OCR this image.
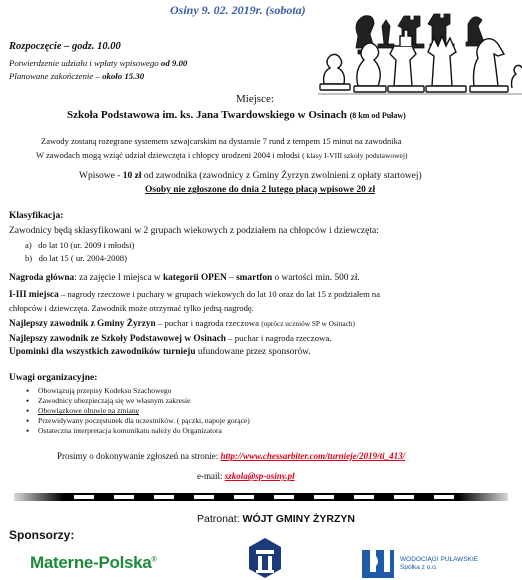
Osiny 9. 02. 2019r. (sobota)
Rozpoczęcie – godz. 10.00
Potwierdzenie udziału i wpłaty wpisowego od 9.00
Planowane zakończenie – około 15.30
Miejsce:
Szkoła Podstawowa im. ks. Jana Twardowskiego w Osinach (8 km od Puław)
Zawody zostaną rozegrane systemem szwajcarskim na dystansie 7 rund z tempem 15 minut na zawodnika
W zawodach mogą wziąć udział dziewczęta i chłopcy urodzeni 2004 i młodsi ( klasy I-VIII szkoły podstawowej)
Wpisowe - 10 zł od zawodnika (zawodnicy z Gminy Żyrzyn zwolnieni z opłaty startowej)
Osoby nie zgłoszone do dnia 2 lutego płacą wpisowe 20 zł
Klasyfikacja:
Zawodnicy będą sklasyfikowani w 2 grupach wiekowych z podziałem na chłopców i dziewczęta:
a) do lat 10 (ur. 2009 i młodsi)
b) do lat 15 ( ur. 2004-2008)
Nagroda główna: za zajęcie I miejsca w kategorii OPEN – smartfon o wartości min. 500 zł.
I-III miejsca – nagrody rzeczowe i puchary w grupach wiekowych do lat 10 oraz do lat 15 z podziałem na
chłopców i dziewczęta. Zawodnik może otrzymać tylko jedną nagrodę.
Najlepszy zawodnik z Gminy Żyrzyn – puchar i nagroda rzeczowa (oprócz uczniów SP w Osinach)
Najlepszy zawodnik ze Szkoły Podstawowej w Osinach – puchar i nagroda rzeczowa.
Upominki dla wszystkich zawodników turnieju ufundowane przez sponsorów.
Uwagi organizacyjne:
• Obowiązują przepisy Kodeksu Szachowego
• Zawodnicy ubezpieczają się we własnym zakresie
• Obowiązkowe obuwie na zmianę
• Przewidywany poczęstunek dla uczestników. ( pączki, napoje gorące)
• Ostateczna interpretacja komunikatu należy do Organizatora
Prosimy o dokonywanie zgłoszeń na stronie: http://www.chessarbiter.com/turnieje/2019/ti_413/
e-mail: szkola@sp-osiny.pl
Patronat: WÓJT GMINY ŻYRZYN
Sponsorzy:
Materne-Polska®	WODOCIĄGI PUŁAWSKIE
Spółka z o.o.
